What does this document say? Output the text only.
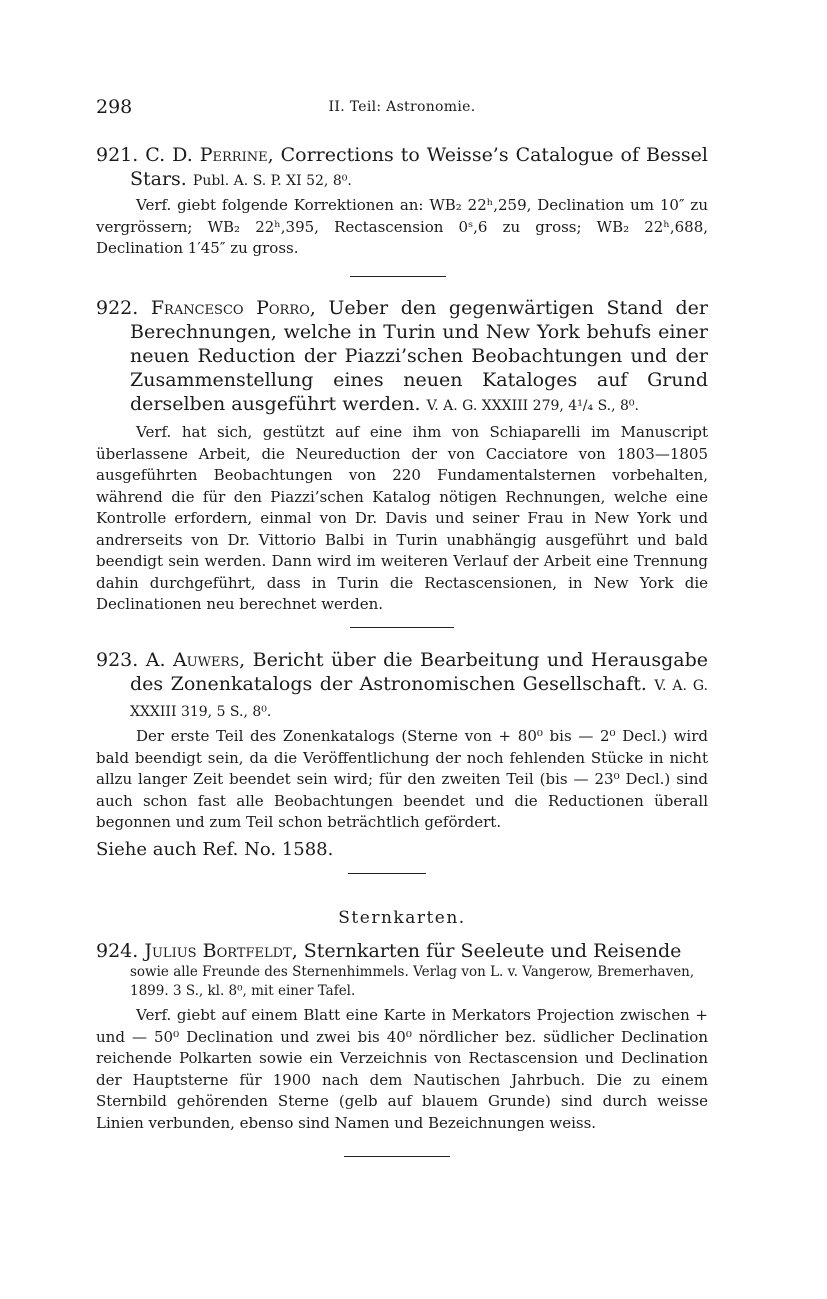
298	II. Teil: Astronomie.

921. C. D. Perrine, Corrections to Weisse’s Catalogue of Bessel Stars. Publ. A. S. P. XI 52, 8⁰.

Verf. giebt folgende Korrektionen an: WB₂ 22ʰ,259, Declination um 10″ zu vergrössern; WB₂ 22ʰ,395, Rectascension 0ˢ,6 zu gross; WB₂ 22ʰ,688, Declination 1′45″ zu gross.

922. Francesco Porro, Ueber den gegenwärtigen Stand der Berechnungen, welche in Turin und New York behufs einer neuen Reduction der Piazzi’schen Beobachtungen und der Zusammenstellung eines neuen Kataloges auf Grund derselben ausgeführt werden. V. A. G. XXXIII 279, 4¹/₄ S., 8⁰.

Verf. hat sich, gestützt auf eine ihm von Schiaparelli im Manuscript überlassene Arbeit, die Neureduction der von Cacciatore von 1803—1805 ausgeführten Beobachtungen von 220 Fundamentalsternen vorbehalten, während die für den Piazzi’schen Katalog nötigen Rechnungen, welche eine Kontrolle erfordern, einmal von Dr. Davis und seiner Frau in New York und andrerseits von Dr. Vittorio Balbi in Turin unabhängig ausgeführt und bald beendigt sein werden. Dann wird im weiteren Verlauf der Arbeit eine Trennung dahin durchgeführt, dass in Turin die Rectascensionen, in New York die Declinationen neu berechnet werden.

923. A. Auwers, Bericht über die Bearbeitung und Herausgabe des Zonenkatalogs der Astronomischen Gesellschaft. V. A. G. XXXIII 319, 5 S., 8⁰.

Der erste Teil des Zonenkatalogs (Sterne von + 80⁰ bis — 2⁰ Decl.) wird bald beendigt sein, da die Veröffentlichung der noch fehlenden Stücke in nicht allzu langer Zeit beendet sein wird; für den zweiten Teil (bis — 23⁰ Decl.) sind auch schon fast alle Beobachtungen beendet und die Reductionen überall begonnen und zum Teil schon beträchtlich gefördert.

Siehe auch Ref. No. 1588.

Sternkarten.

924. Julius Bortfeldt, Sternkarten für Seeleute und Reisende

sowie alle Freunde des Sternenhimmels. Verlag von L. v. Vangerow, Bremerhaven, 1899. 3 S., kl. 8⁰, mit einer Tafel.

Verf. giebt auf einem Blatt eine Karte in Merkators Projection zwischen + und — 50⁰ Declination und zwei bis 40⁰ nördlicher bez. südlicher Declination reichende Polkarten sowie ein Verzeichnis von Rectascension und Declination der Hauptsterne für 1900 nach dem Nautischen Jahrbuch. Die zu einem Sternbild gehörenden Sterne (gelb auf blauem Grunde) sind durch weisse Linien verbunden, ebenso sind Namen und Bezeichnungen weiss.
